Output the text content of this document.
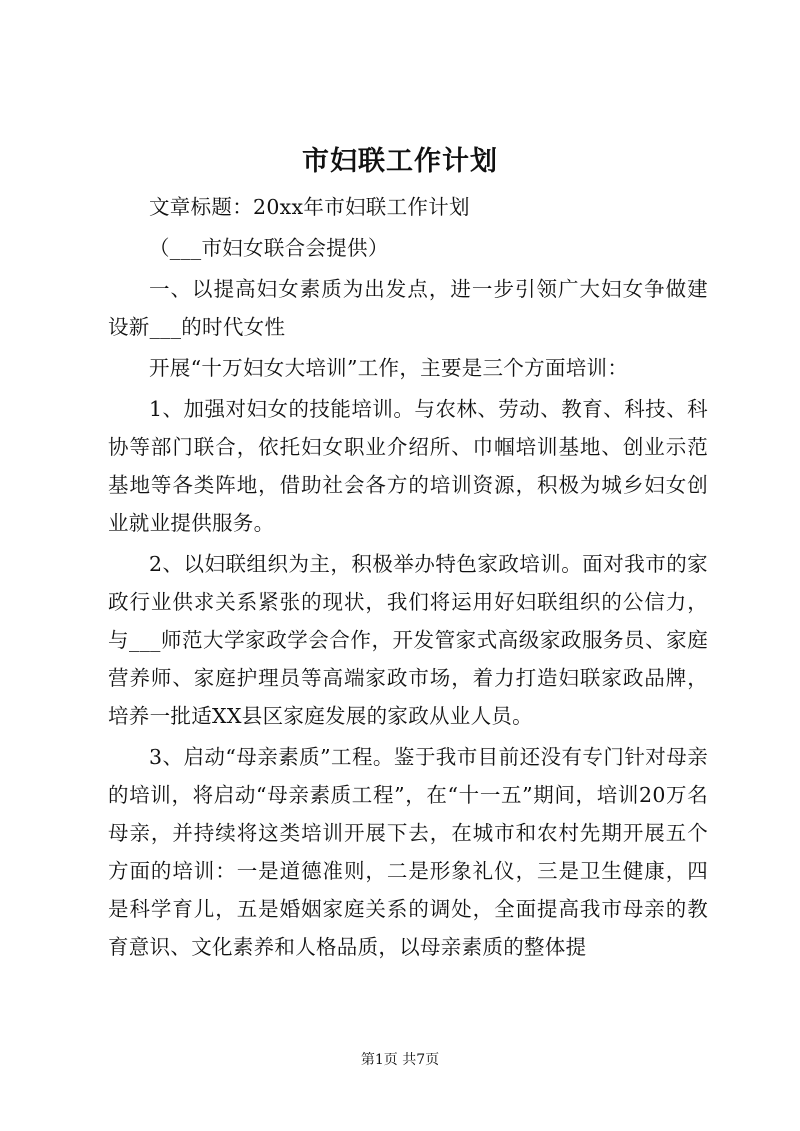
市妇联工作计划

文章标题：20xx年市妇联工作计划

（___市妇女联合会提供）

一、以提高妇女素质为出发点，进一步引领广大妇女争做建设新___的时代女性

开展“十万妇女大培训”工作，主要是三个方面培训：

1、加强对妇女的技能培训。与农林、劳动、教育、科技、科协等部门联合，依托妇女职业介绍所、巾帼培训基地、创业示范基地等各类阵地，借助社会各方的培训资源，积极为城乡妇女创业就业提供服务。

2、以妇联组织为主，积极举办特色家政培训。面对我市的家政行业供求关系紧张的现状，我们将运用好妇联组织的公信力，与___师范大学家政学会合作，开发管家式高级家政服务员、家庭营养师、家庭护理员等高端家政市场，着力打造妇联家政品牌，培养一批适XX县区家庭发展的家政从业人员。

3、启动“母亲素质”工程。鉴于我市目前还没有专门针对母亲的培训，将启动“母亲素质工程”，在“十一五”期间，培训20万名母亲，并持续将这类培训开展下去，在城市和农村先期开展五个方面的培训：一是道德准则，二是形象礼仪，三是卫生健康，四是科学育儿，五是婚姻家庭关系的调处，全面提高我市母亲的教育意识、文化素养和人格品质，以母亲素质的整体提

第1页 共7页
